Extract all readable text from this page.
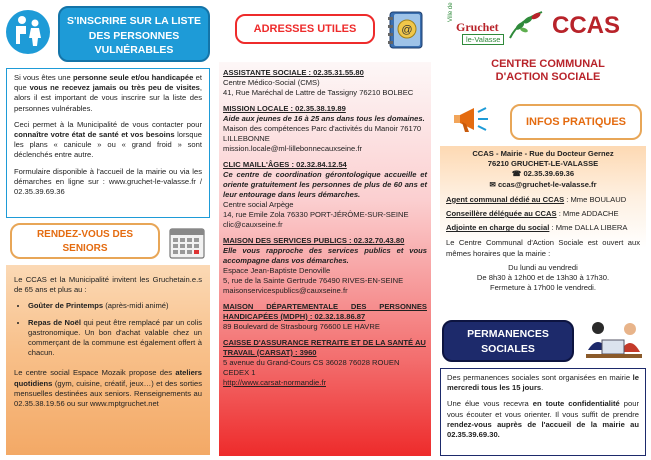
S'INSCRIRE SUR LA LISTE DES PERSONNES VULNÉRABLES

Si vous êtes une personne seule et/ou handicapée et que vous ne recevez jamais ou très peu de visites, alors il est important de vous inscrire sur la liste des personnes vulnérables.

Ceci permet à la Municipalité de vous contacter pour connaître votre état de santé et vos besoins lorsque les plans « canicule » ou « grand froid » sont déclenchés entre autre.

Formulaire disponible à l'accueil de la mairie ou via les démarches en ligne sur : www.gruchet-le-valasse.fr / 02.35.39.69.36

RENDEZ-VOUS DES SENIORS

Le CCAS et la Municipalité invitent les Gruchetain.e.s de 65 ans et plus au :

• Goûter de Printemps (après-midi animé)
• Repas de Noël qui peut être remplacé par un colis gastronomique. Un bon d'achat valable chez un commerçant de la commune est également offert à chacun.

Le centre social Espace Mozaik propose des ateliers quotidiens (gym, cuisine, créatif, jeux…) et des sorties mensuelles destinées aux seniors. Renseignements au 02.35.38.19.56 ou sur www.mptgruchet.net

ADRESSES UTILES	@
ASSISTANTE SOCIALE : 02.35.31.55.80
Centre Médico-Social (CMS)
41, Rue Maréchal de Lattre de Tassigny 76210 BOLBEC
MISSION LOCALE : 02.35.38.19.89
Aide aux jeunes de 16 à 25 ans dans tous les domaines.
Maison des compétences Parc d'activités du Manoir 76170 LILLEBONNE
mission.locale@ml-lillebonnecauxseine.fr
CLIC MAILL'ÂGES : 02.32.84.12.54
Ce centre de coordination gérontologique accueille et oriente gratuitement les personnes de plus de 60 ans et leur entourage dans leurs démarches.
Centre social Arpège
14, rue Emile Zola 76330 PORT-JÉRÔME-SUR-SEINE
clic@cauxseine.fr
MAISON DES SERVICES PUBLICS : 02.32.70.43.80
Elle vous rapproche des services publics et vous accompagne dans vos démarches.
Espace Jean-Baptiste Denoville
5, rue de la Sainte Gertrude 76490 RIVES-EN-SEINE
maisonservicespublics@cauxseine.fr
MAISON DÉPARTEMENTALE DES PERSONNES HANDICAPÉES (MDPH) : 02.32.18.86.87
89 Boulevard de Strasbourg 76600 LE HAVRE
CAISSE D'ASSURANCE RETRAITE ET DE LA SANTÉ AU TRAVAIL (CARSAT) : 3960
5 avenue du Grand-Cours CS 36028 76028 ROUEN CEDEX 1
http://www.carsat-normandie.fr
Ville de
Gruchet
le-Valasse
CCAS
CENTRE COMMUNAL
D'ACTION SOCIALE
INFOS PRATIQUES
CCAS - Mairie - Rue du Docteur Gernez
76210 GRUCHET-LE-VALASSE
☎ 02.35.39.69.36
✉ ccas@gruchet-le-valasse.fr
Agent communal dédié au CCAS : Mme BOULAUD
Conseillère déléguée au CCAS : Mme ADDACHE
Adjointe en charge du social : Mme DALLA LIBERA

Le Centre Communal d'Action Sociale est ouvert aux mêmes horaires que la mairie :

Du lundi au vendredi
De 8h30 à 12h00 et de 13h30 à 17h30.
Fermeture à 17h00 le vendredi.
PERMANENCES SOCIALES

Des permanences sociales sont organisées en mairie le mercredi tous les 15 jours.

Une élue vous recevra en toute confidentialité pour vous écouter et vous orienter. Il vous suffit de prendre rendez-vous auprès de l'accueil de la mairie au 02.35.39.69.30.
